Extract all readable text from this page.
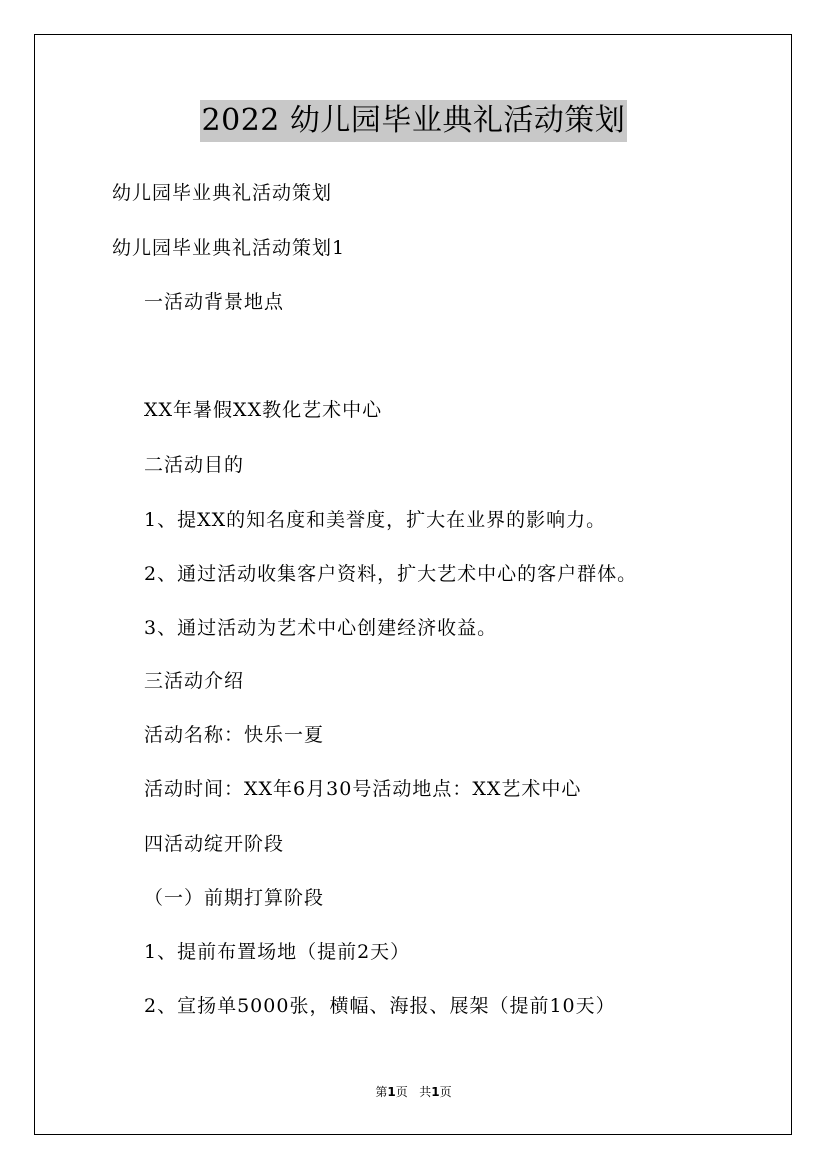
2022 幼儿园毕业典礼活动策划
幼儿园毕业典礼活动策划
幼儿园毕业典礼活动策划1
一活动背景地点
XX年暑假XX教化艺术中心
二活动目的
1、提XX的知名度和美誉度，扩大在业界的影响力。
2、通过活动收集客户资料，扩大艺术中心的客户群体。
3、通过活动为艺术中心创建经济收益。
三活动介绍
活动名称：快乐一夏
活动时间：XX年6月30号活动地点：XX艺术中心
四活动绽开阶段
（一）前期打算阶段
1、提前布置场地（提前2天）
2、宣扬单5000张，横幅、海报、展架（提前10天）
第1页 共1页
